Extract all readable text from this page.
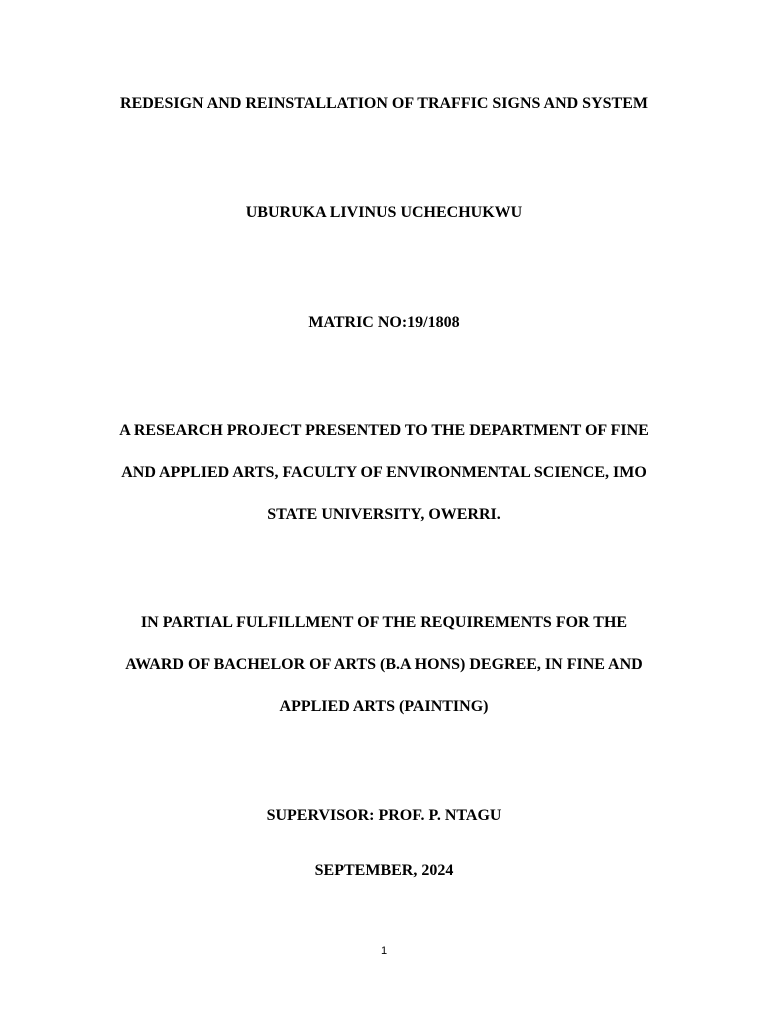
REDESIGN AND REINSTALLATION OF TRAFFIC SIGNS AND SYSTEM
UBURUKA LIVINUS UCHECHUKWU
MATRIC NO:19/1808
A RESEARCH PROJECT PRESENTED TO THE DEPARTMENT OF FINE
AND APPLIED ARTS, FACULTY OF ENVIRONMENTAL SCIENCE, IMO
STATE UNIVERSITY, OWERRI.
IN PARTIAL FULFILLMENT OF THE REQUIREMENTS FOR THE
AWARD OF BACHELOR OF ARTS (B.A HONS) DEGREE, IN FINE AND
APPLIED ARTS (PAINTING)
SUPERVISOR: PROF. P. NTAGU
SEPTEMBER, 2024
1
